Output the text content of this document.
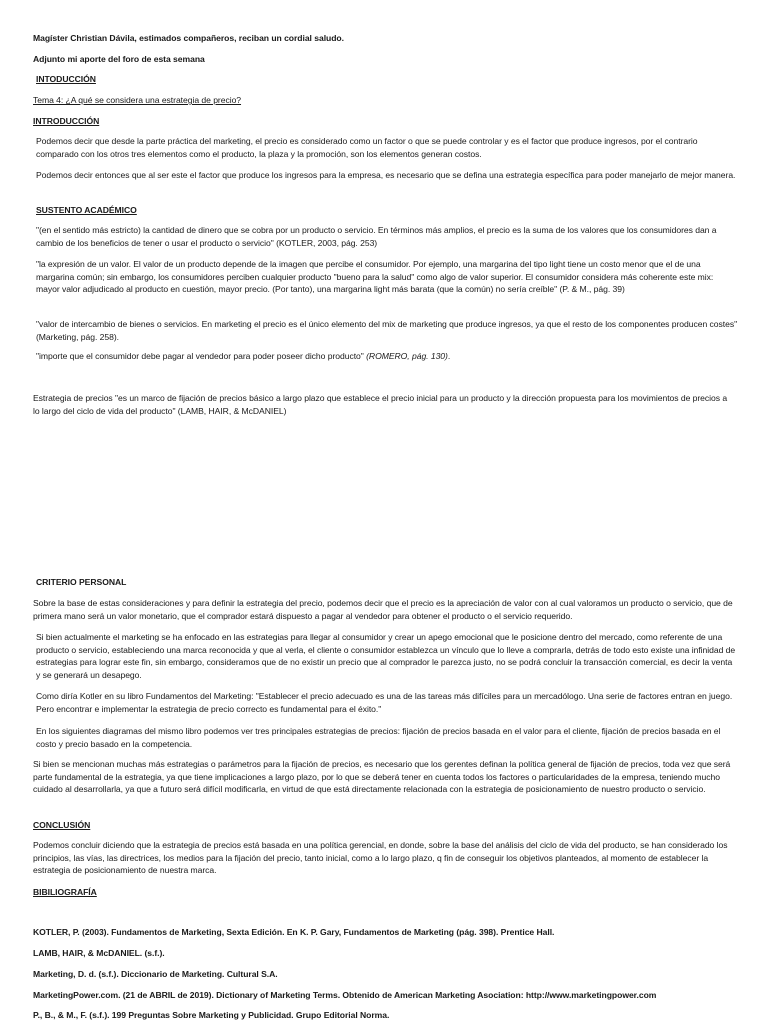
Magíster Christian Dávila, estimados compañeros, reciban un cordial saludo.

Adjunto mi aporte del foro de esta semana

INTODUCCIÓN

Tema 4: ¿A qué se considera una estrategia de precio?

INTRODUCCIÓN

Podemos decir que desde la parte práctica del marketing, el precio es considerado como un factor o que se puede controlar y es el factor que produce ingresos, por el contrario comparado con los otros tres elementos como el producto, la plaza y la promoción, son los elementos generan costos.

Podemos decir entonces que al ser este el factor que produce los ingresos para la empresa, es necesario que se defina una estrategia específica para poder manejarlo de mejor manera.

SUSTENTO ACADÉMICO

"(en el sentido más estricto) la cantidad de dinero que se cobra por un producto o servicio. En términos más amplios, el precio es la suma de los valores que los consumidores dan a cambio de los beneficios de tener o usar el producto o servicio" (KOTLER, 2003, pág. 253)

"la expresión de un valor. El valor de un producto depende de la imagen que percibe el consumidor. Por ejemplo, una margarina del tipo light tiene un costo menor que el de una margarina común; sin embargo, los consumidores perciben cualquier producto "bueno para la salud" como algo de valor superior. El consumidor considera más coherente este mix: mayor valor adjudicado al producto en cuestión, mayor precio. (Por tanto), una margarina light más barata (que la común) no sería creíble" (P. & M., pág. 39)

"valor de intercambio de bienes o servicios. En marketing el precio es el único elemento del mix de marketing que produce ingresos, ya que el resto de los componentes producen costes" (Marketing, pág. 258).

"importe que el consumidor debe pagar al vendedor para poder poseer dicho producto" (ROMERO, pág. 130).

Estrategia de precios "es un marco de fijación de precios básico a largo plazo que establece el precio inicial para un producto y la dirección propuesta para los movimientos de precios a lo largo del ciclo de vida del producto" (LAMB, HAIR, & McDANIEL)

CRITERIO PERSONAL

Sobre la base de estas consideraciones y para definir la estrategia del precio, podemos decir que el precio es la apreciación de valor con al cual valoramos un producto o servicio, que de primera mano será un valor monetario, que el comprador estará dispuesto a pagar al vendedor para obtener el producto o el servicio requerido.

Si bien actualmente el marketing se ha enfocado en las estrategias para llegar al consumidor y crear un apego emocional que le posicione dentro del mercado, como referente de una producto o servicio, estableciendo una marca reconocida y que al verla, el cliente o consumidor establezca un vínculo que lo lleve a comprarla, detrás de todo esto existe una infinidad de estrategias para lograr este fin, sin embargo, consideramos que de no existir un precio que al comprador le parezca justo, no se podrá concluir la transacción comercial, es decir la venta y se generará un desapego.

Como diría Kotler en su libro Fundamentos del Marketing: "Establecer el precio adecuado es una de las tareas más difíciles para un mercadólogo. Una serie de factores entran en juego. Pero encontrar e implementar la estrategia de precio correcto es fundamental para el éxito."

En los siguientes diagramas del mismo libro podemos ver tres principales estrategias de precios: fijación de precios basada en el valor para el cliente, fijación de precios basada en el costo y precio basado en la competencia.

Si bien se mencionan muchas más estrategias o parámetros para la fijación de precios, es necesario que los gerentes definan la política general de fijación de precios, toda vez que será parte fundamental de la estrategia, ya que tiene implicaciones a largo plazo, por lo que se deberá tener en cuenta todos los factores o particularidades de la empresa, teniendo mucho cuidado al desarrollarla, ya que a futuro será difícil modificarla, en virtud de que está directamente relacionada con la estrategia de posicionamiento de nuestro producto o servicio.

CONCLUSIÓN

Podemos concluir diciendo que la estrategia de precios está basada en una política gerencial, en donde, sobre la base del análisis del ciclo de vida del producto, se han considerado los principios, las vías, las directrices, los medios para la fijación del precio, tanto inicial, como a lo largo plazo, q fin de conseguir los objetivos planteados, al momento de establecer la estrategia de posicionamiento de nuestra marca.

BIBILIOGRAFÍA

KOTLER, P. (2003). Fundamentos de Marketing, Sexta Edición. En K. P. Gary, Fundamentos de Marketing (pág. 398). Prentice Hall.

LAMB, HAIR, & McDANIEL. (s.f.).

Marketing, D. d. (s.f.). Diccionario de Marketing. Cultural S.A.

MarketingPower.com. (21 de ABRIL de 2019). Dictionary of Marketing Terms. Obtenido de American Marketing Asociation: http://www.marketingpower.com

P., B., & M., F. (s.f.). 199 Preguntas Sobre Marketing y Publicidad. Grupo Editorial Norma.
